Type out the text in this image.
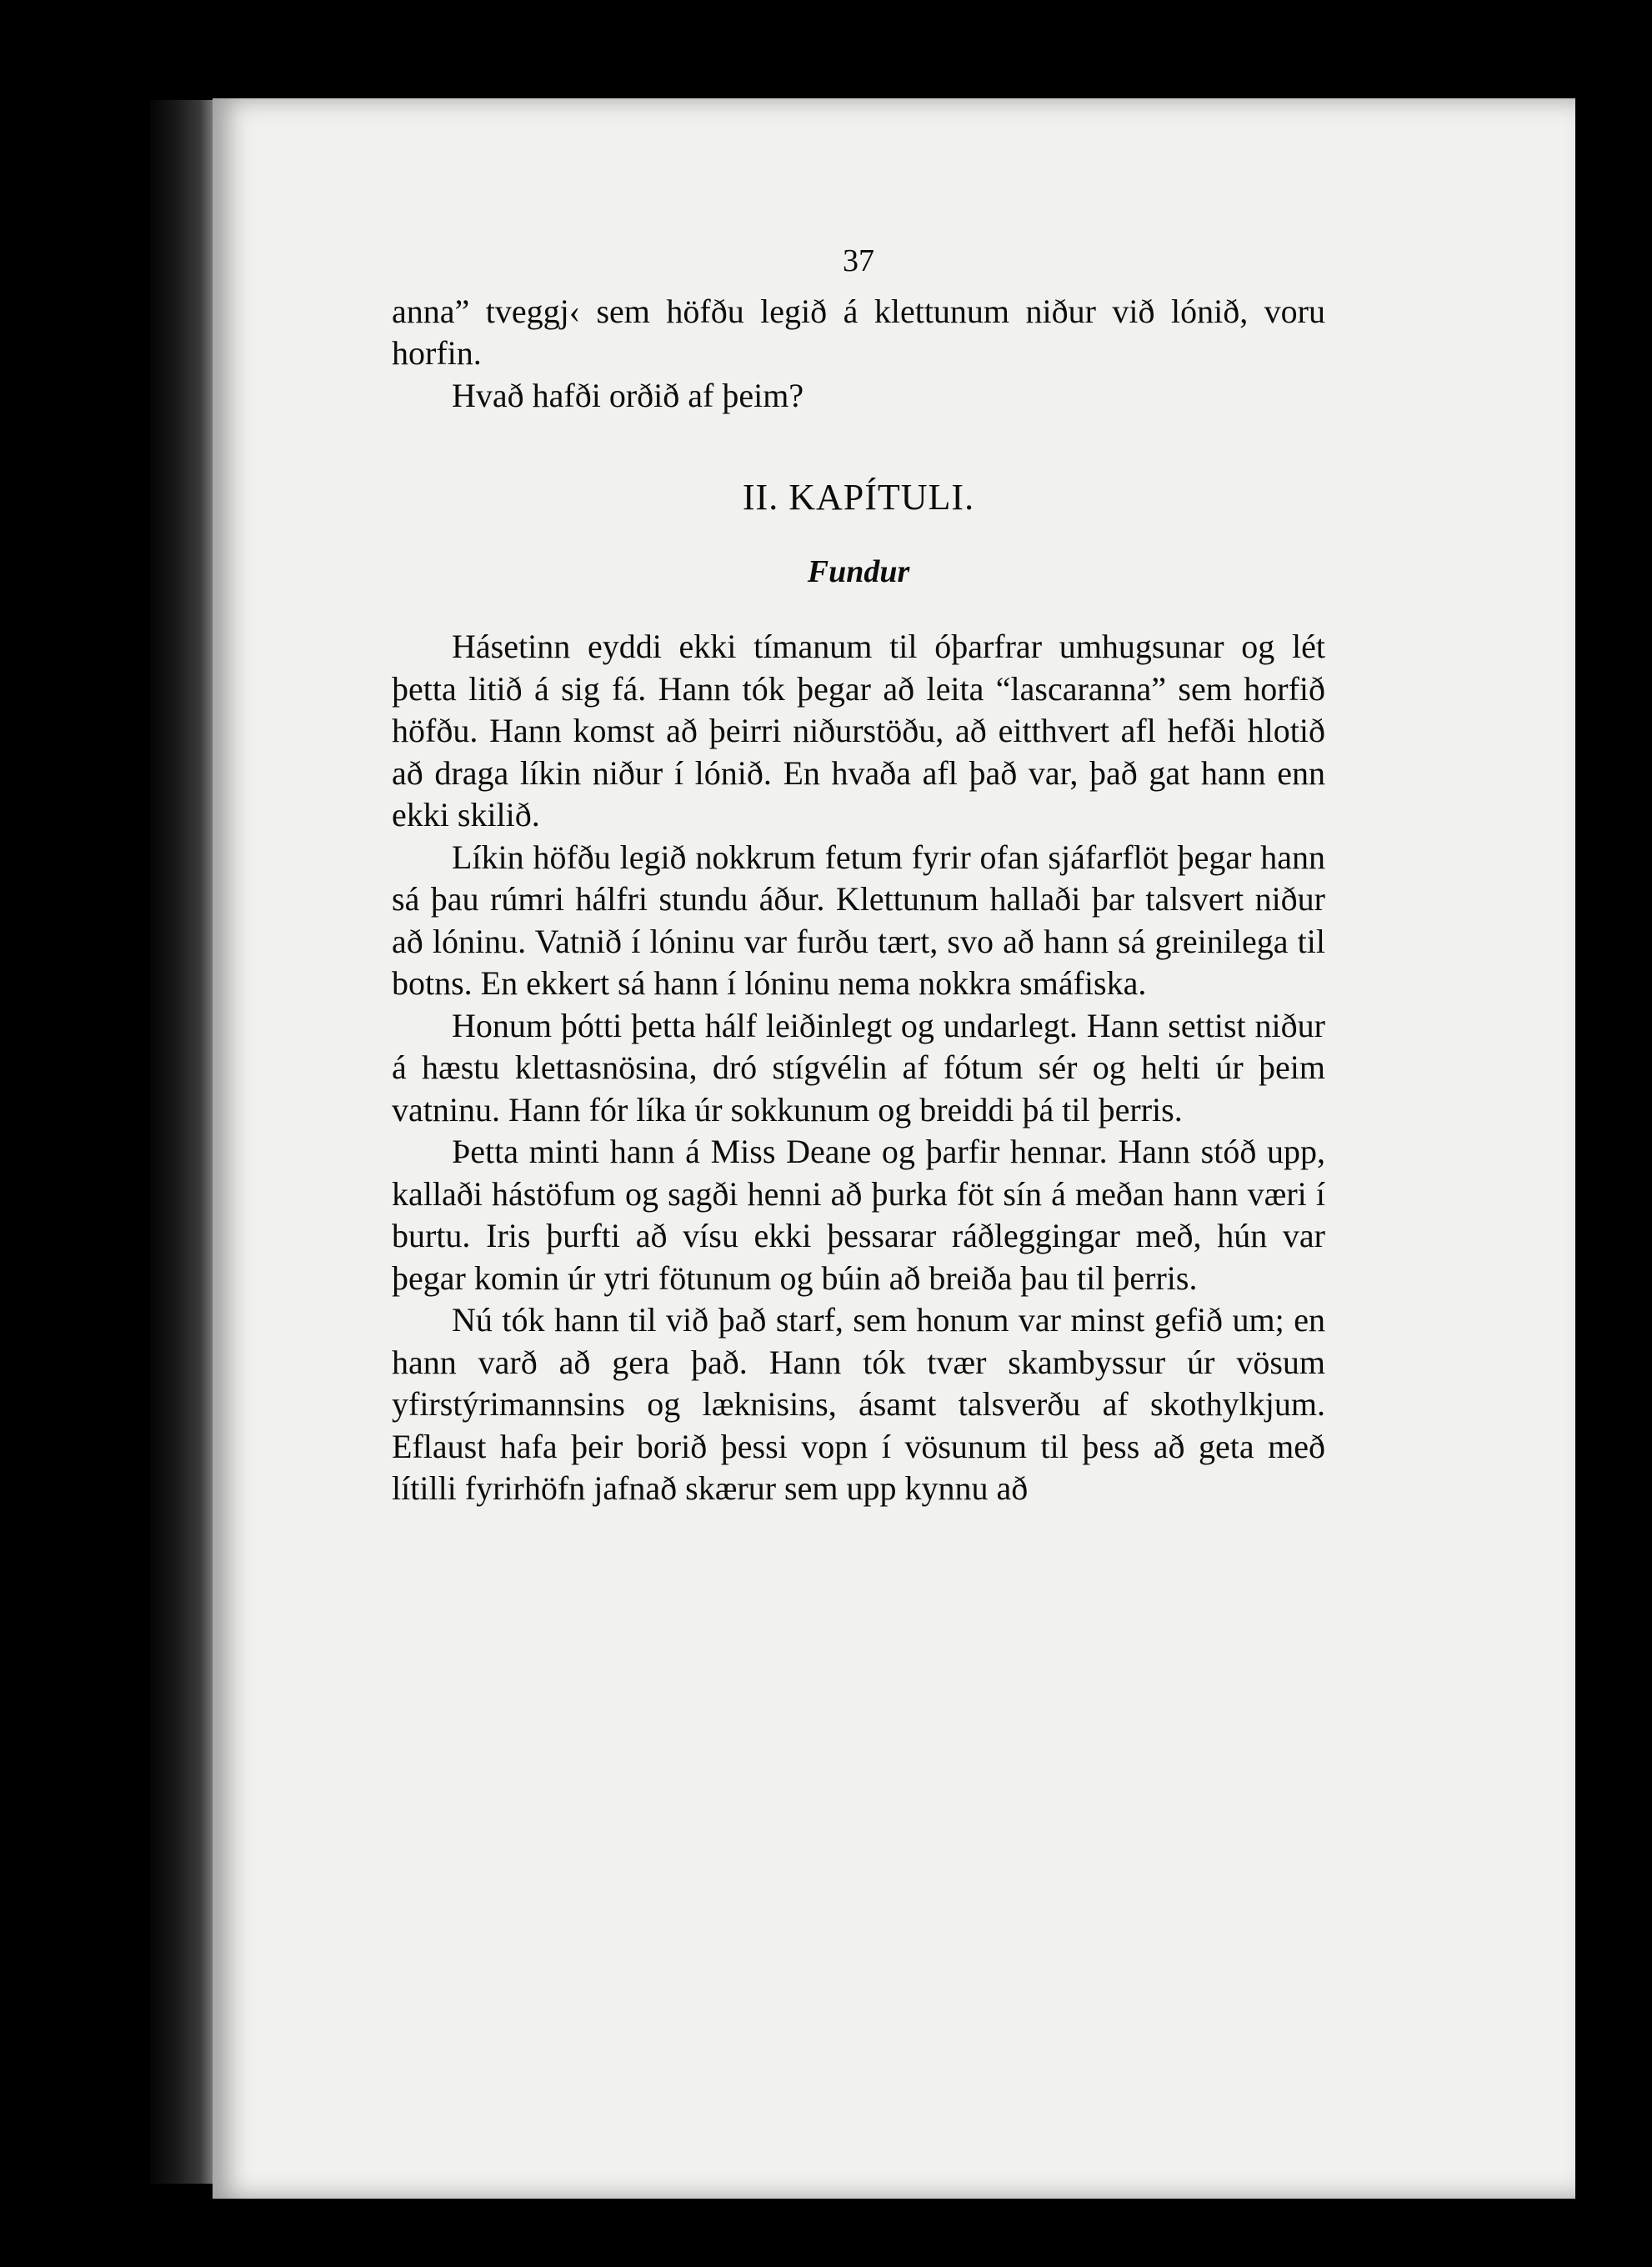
37

anna” tveggj‹ sem höfðu legið á klettunum niður við lónið, voru horfin.

Hvað hafði orðið af þeim?

II. KAPÍTULI.
Fundur

Hásetinn eyddi ekki tímanum til óþarfrar umhugsunar og lét þetta litið á sig fá. Hann tók þegar að leita “lascaranna” sem horfið höfðu. Hann komst að þeirri niðurstöðu, að eitthvert afl hefði hlotið að draga líkin niður í lónið. En hvaða afl það var, það gat hann enn ekki skilið.

Líkin höfðu legið nokkrum fetum fyrir ofan sjáfarflöt þegar hann sá þau rúmri hálfri stundu áður. Klettunum hallaði þar talsvert niður að lóninu. Vatnið í lóninu var furðu tært, svo að hann sá greinilega til botns. En ekkert sá hann í lóninu nema nokkra smáfiska.

Honum þótti þetta hálf leiðinlegt og undarlegt. Hann settist niður á hæstu klettasnösina, dró stígvélin af fótum sér og helti úr þeim vatninu. Hann fór líka úr sokkunum og breiddi þá til þerris.

Þetta minti hann á Miss Deane og þarfir hennar. Hann stóð upp, kallaði hástöfum og sagði henni að þurka föt sín á meðan hann væri í burtu. Iris þurfti að vísu ekki þessarar ráðleggingar með, hún var þegar komin úr ytri fötunum og búin að breiða þau til þerris.

Nú tók hann til við það starf, sem honum var minst gefið um; en hann varð að gera það. Hann tók tvær skambyssur úr vösum yfirstýrimannsins og læknisins, ásamt talsverðu af skothylkjum. Eflaust hafa þeir borið þessi vopn í vösunum til þess að geta með lítilli fyrirhöfn jafnað skærur sem upp kynnu að
